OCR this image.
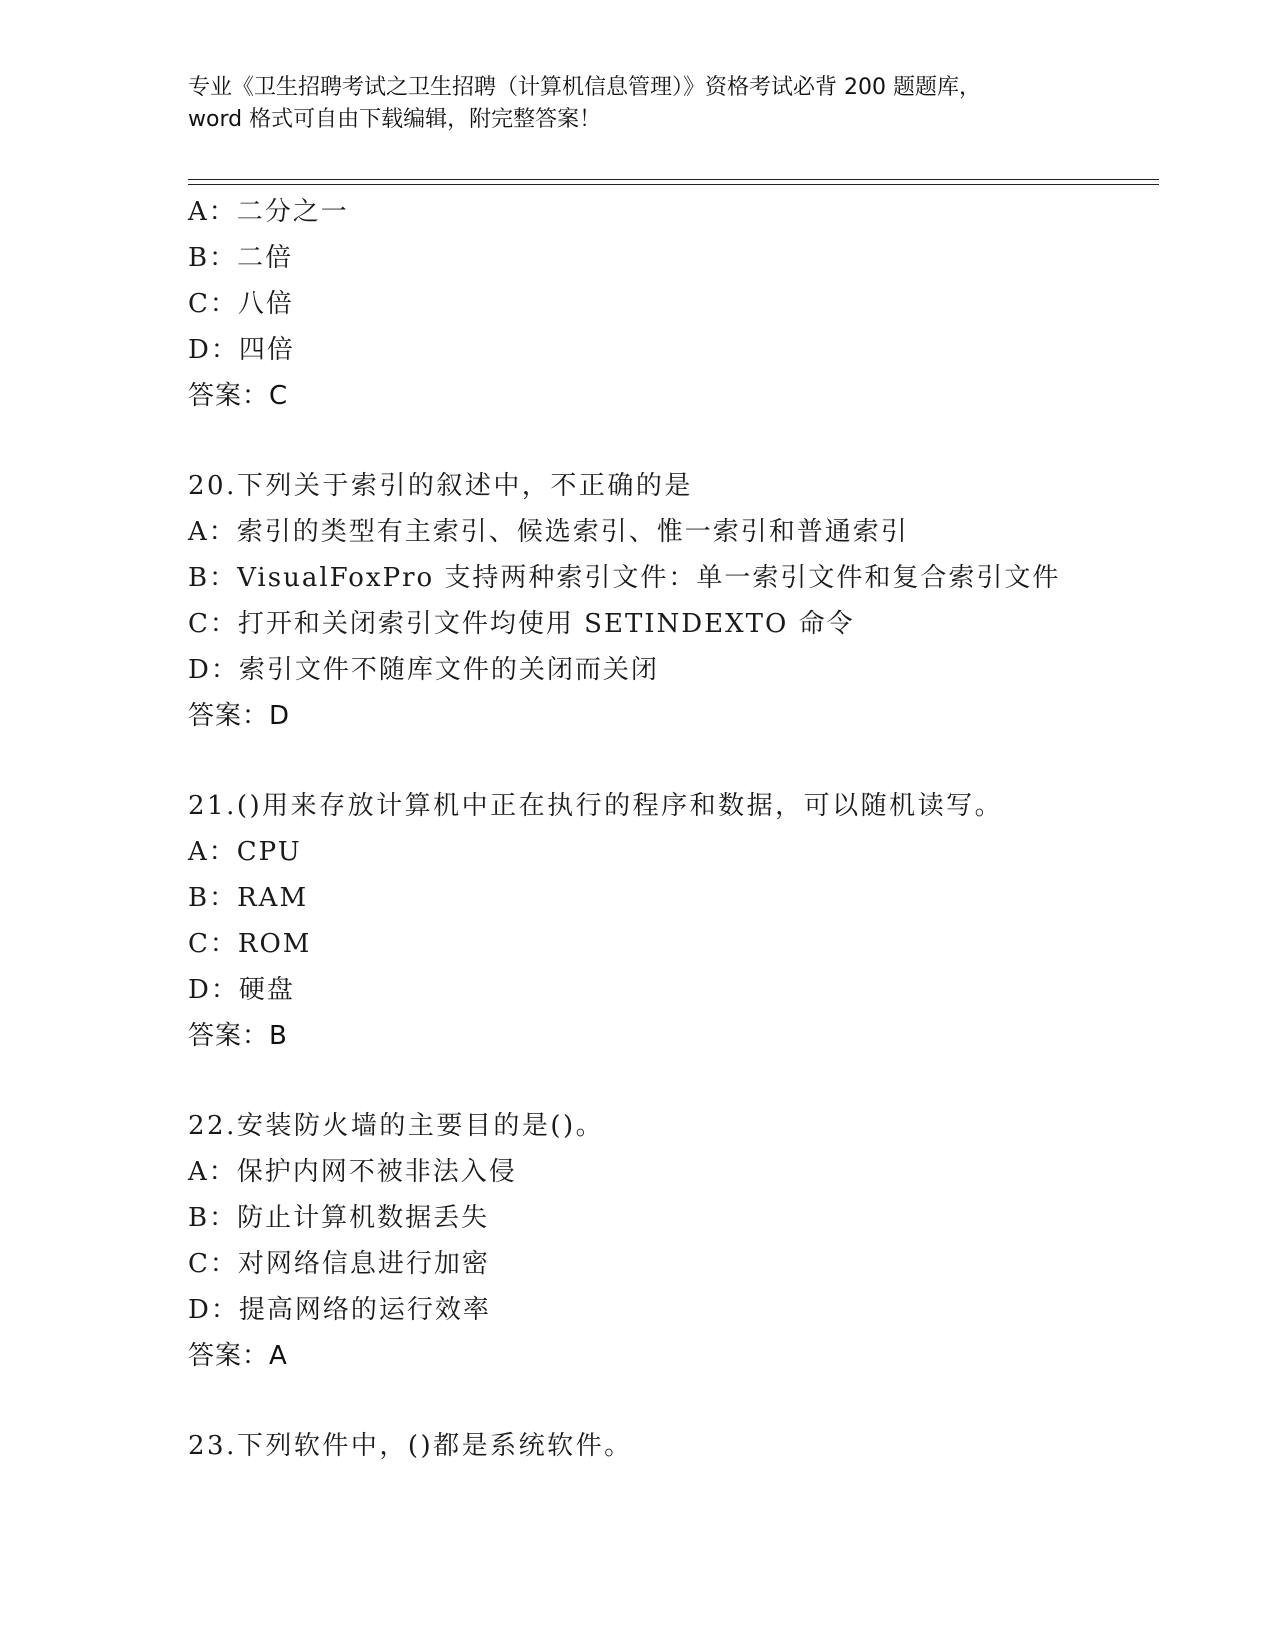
专业《卫生招聘考试之卫生招聘（计算机信息管理）》资格考试必背 200 题题库，
word 格式可自由下载编辑，附完整答案！
A：二分之一
B：二倍
C：八倍
D：四倍
答案：C
20.下列关于索引的叙述中，不正确的是
A：索引的类型有主索引、候选索引、惟一索引和普通索引
B：VisualFoxPro 支持两种索引文件：单一索引文件和复合索引文件
C：打开和关闭索引文件均使用 SETINDEXTO 命令
D：索引文件不随库文件的关闭而关闭
答案：D
21.()用来存放计算机中正在执行的程序和数据，可以随机读写。
A：CPU
B：RAM
C：ROM
D：硬盘
答案：B
22.安装防火墙的主要目的是()。
A：保护内网不被非法入侵
B：防止计算机数据丢失
C：对网络信息进行加密
D：提高网络的运行效率
答案：A
23.下列软件中，()都是系统软件。
